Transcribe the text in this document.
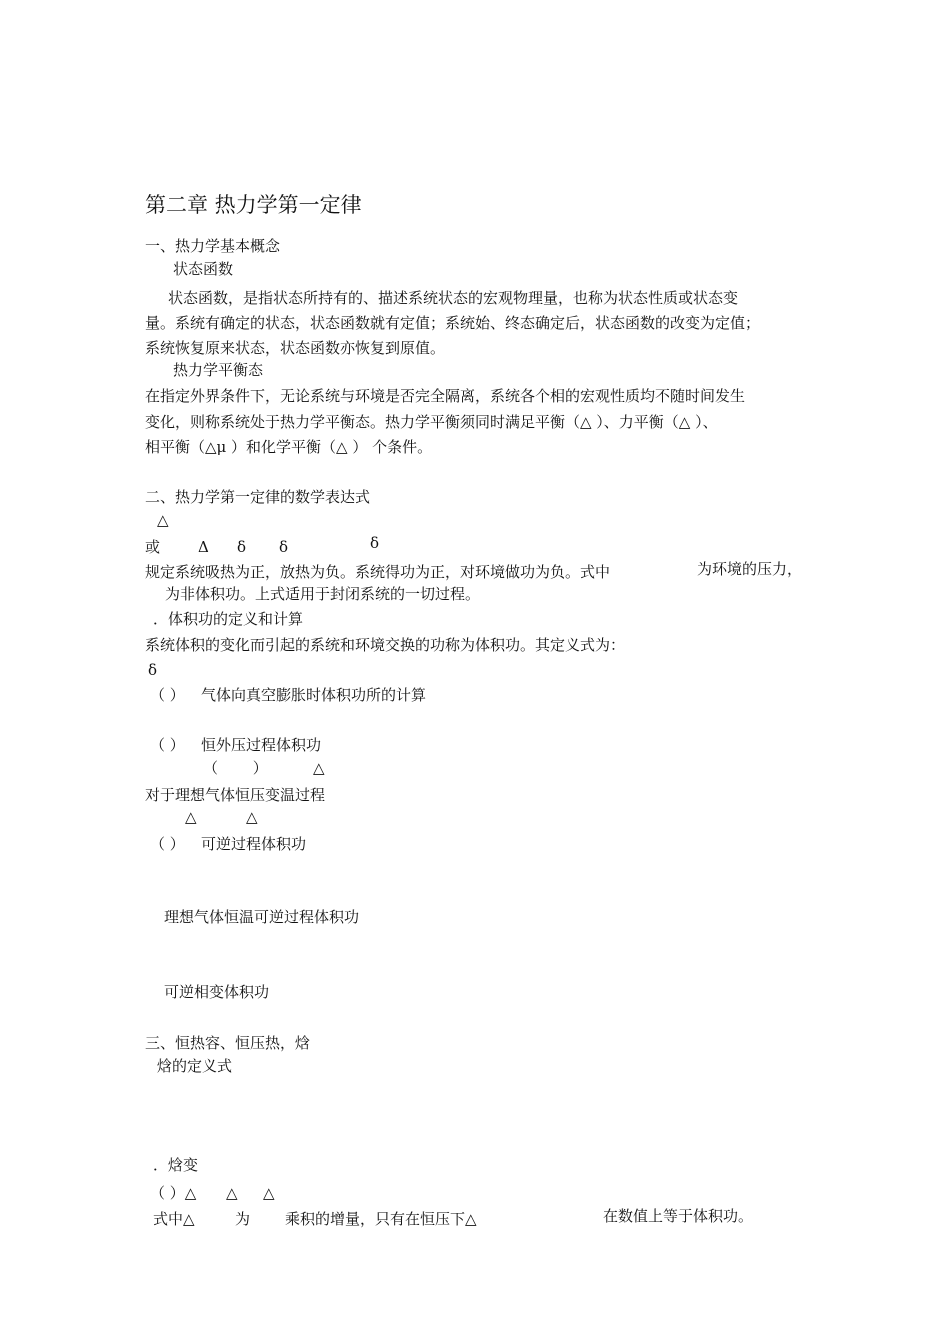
第二章 热力学第一定律
一、热力学基本概念
状态函数
状态函数，是指状态所持有的、描述系统状态的宏观物理量，也称为状态性质或状态变
量。系统有确定的状态，状态函数就有定值；系统始、终态确定后，状态函数的改变为定值；
系统恢复原来状态，状态函数亦恢复到原值。
热力学平衡态
在指定外界条件下，无论系统与环境是否完全隔离，系统各个相的宏观性质均不随时间发生
变化，则称系统处于热力学平衡态。热力学平衡须同时满足平衡（△ ）、力平衡（△ ）、
相平衡（△μ ）和化学平衡（△ ） 个条件。
二、热力学第一定律的数学表达式
△
或	Δ δ δ	δ
规定系统吸热为正，放热为负。系统得功为正，对环境做功为负。式中	为环境的压力，
为非体积功。上式适用于封闭系统的一切过程。
．体积功的定义和计算
系统体积的变化而引起的系统和环境交换的功称为体积功。其定义式为：
δ
（ ） 气体向真空膨胀时体积功所的计算
（ ） 恒外压过程体积功
（ ）	△
对于理想气体恒压变温过程
△	△
（ ） 可逆过程体积功
理想气体恒温可逆过程体积功
可逆相变体积功
三、恒热容、恒压热，焓
焓的定义式
．焓变
（ ）△ △ △
式中△	为 乘积的增量，只有在恒压下△	在数值上等于体积功。
